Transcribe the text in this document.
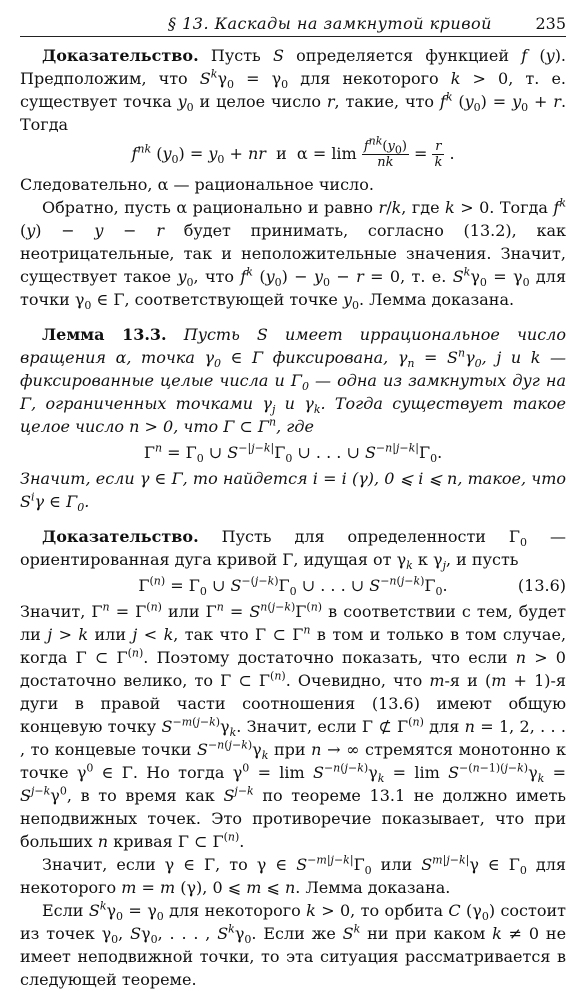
§ 13. Каскады на замкнутой кривой	235

Доказательство. Пусть S определяется функцией f (y). Предположим, что $S^k\gamma_0 = \gamma_0$ для некоторого k > 0, т. е. существует точка $y_0$ и целое число r, такие, что $f^k$ $(y_0) = y_0 + r$. Тогда

$f^{nk}$ $(y_0) = y_0$ + nr  и  $\alpha = \lim \frac{f^{nk}(y_0)}{nk} = \frac{r}{k}$ .

Следовательно, α — рациональное число.

Обратно, пусть α рационально и равно r/k, где k > 0. Тогда $f^k$ (y) − y − r будет принимать, согласно (13.2), как неотрицательные, так и неположительные значения. Значит, существует такое $y_0$, что $f^k$ $(y_0) - y_0 - r = 0$, т. е. $S^k\gamma_0 = \gamma_0$ для точки $\gamma_0$ ∈ Γ, соответствующей точке $y_0$. Лемма доказана.

Лемма 13.3. Пусть S имеет иррациональное число вращения α, точка $\gamma_0$ ∈ Γ фиксирована, $\gamma_n = S^n\gamma_0$, j и k — фиксированные целые числа и $\Gamma_0$ — одна из замкнутых дуг на Γ, ограниченных точками $\gamma_j$ и $\gamma_k$. Тогда существует такое целое число n > 0, что Γ ⊂ $\Gamma^n$, где

$\Gamma^n = \Gamma_0$ ∪ $S^{-|j-k|}\Gamma_0$ ∪ . . . ∪ $S^{-n|j-k|}\Gamma_0$.

Значит, если γ ∈ Γ, то найдется i = i (γ), 0 ⩽ i ⩽ n, такое, что $S^i\gamma$ ∈ $\Gamma_0$.

Доказательство. Пусть для определенности $\Gamma_0$ — ориентированная дуга кривой Γ, идущая от $\gamma_k$ к $\gamma_j$, и пусть

$\Gamma^{(n)} = \Gamma_0$ ∪ $S^{-(j-k)}\Gamma_0$ ∪ . . . ∪ $S^{-n(j-k)}\Gamma_0$.	(13.6)

Значит, $\Gamma^n = \Gamma^{(n)}$ или $\Gamma^n = S^{n(j-k)}\Gamma^{(n)}$ в соответствии с тем, будет ли j > k или j < k, так что Γ ⊂ $\Gamma^n$ в том и только в том случае, когда Γ ⊂ $\Gamma^{(n)}$. Поэтому достаточно показать, что если n > 0 достаточно велико, то Γ ⊂ $\Gamma^{(n)}$. Очевидно, что m-я и (m + 1)-я дуги в правой части соотношения (13.6) имеют общую концевую точку $S^{-m(j-k)}\gamma_k$. Значит, если Γ ⊄ $\Gamma^{(n)}$ для n = 1, 2, . . . , то концевые точки $S^{-n(j-k)}\gamma_k$ при n → ∞ стремятся монотонно к точке $\gamma^0$ ∈ Γ. Но тогда $\gamma^0 = \lim S^{-n(j-k)}\gamma_k = \lim S^{-(n-1)(j-k)}\gamma_k = S^{j-k}\gamma^0$, в то время как $S^{j-k}$ по теореме 13.1 не должно иметь неподвижных точек. Это противоречие показывает, что при больших n кривая Γ ⊂ $\Gamma^{(n)}$.

Значит, если γ ∈ Γ, то γ ∈ $S^{-m|j-k|}\Gamma_0$ или $S^{m|j-k|}\gamma$ ∈ $\Gamma_0$ для некоторого m = m (γ), 0 ⩽ m ⩽ n. Лемма доказана.

Если $S^k\gamma_0 = \gamma_0$ для некоторого k > 0, то орбита C $(\gamma_0)$ состоит из точек $\gamma_0$, $S\gamma_0$, . . . , $S^k\gamma_0$. Если же $S^k$ ни при каком k ≠ 0 не имеет неподвижной точки, то эта ситуация рассматривается в следующей теореме.
